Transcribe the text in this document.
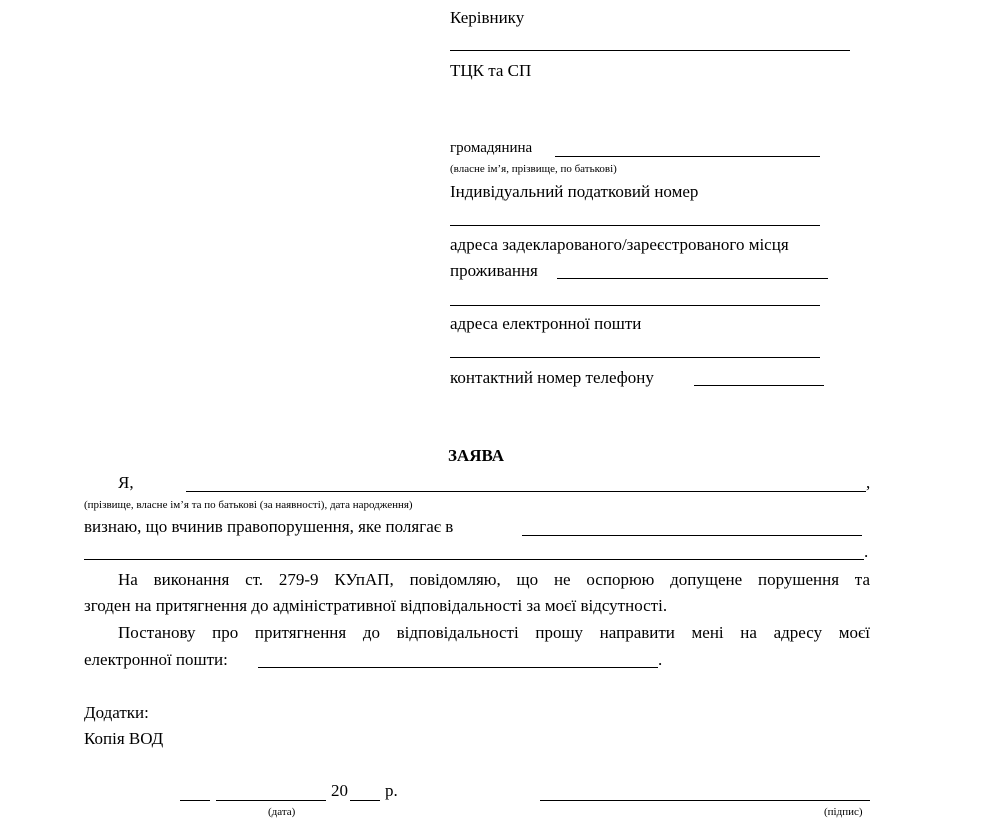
Керівнику
ТЦК та СП
громадянина
(власне ім’я, прізвище, по батькові)
Індивідуальний податковий номер
адреса задекларованого/зареєстрованого місця
проживання
адреса електронної пошти
контактний номер телефону
ЗАЯВА
Я,	,
(прізвище, власне ім’я та по батькові (за наявності), дата народження)
визнаю, що вчинив правопорушення, яке полягає в
.
На виконання ст. 279-9 КУпАП, повідомляю, що не оспорюю допущене порушення та
згоден на притягнення до адміністративної відповідальності за моєї відсутності.
Постанову про притягнення до відповідальності прошу направити мені на адресу моєї
електронної пошти:	.
Додатки:
Копія ВОД
20 р.
(дата)	(підпис)
